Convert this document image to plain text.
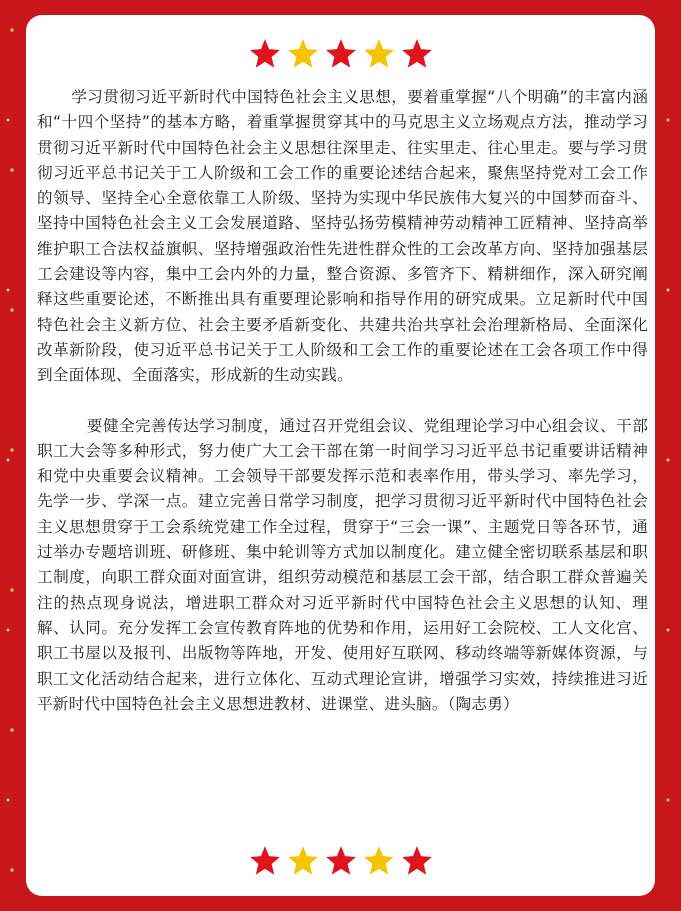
学习贯彻习近平新时代中国特色社会主义思想，要着重掌握“八个明确”的丰富内涵和“十四个坚持”的基本方略，着重掌握贯穿其中的马克思主义立场观点方法，推动学习贯彻习近平新时代中国特色社会主义思想往深里走、往实里走、往心里走。要与学习贯彻习近平总书记关于工人阶级和工会工作的重要论述结合起来，聚焦坚持党对工会工作的领导、坚持全心全意依靠工人阶级、坚持为实现中华民族伟大复兴的中国梦而奋斗、坚持中国特色社会主义工会发展道路、坚持弘扬劳模精神劳动精神工匠精神、坚持高举维护职工合法权益旗帜、坚持增强政治性先进性群众性的工会改革方向、坚持加强基层工会建设等内容，集中工会内外的力量，整合资源、多管齐下、精耕细作，深入研究阐释这些重要论述，不断推出具有重要理论影响和指导作用的研究成果。立足新时代中国特色社会主义新方位、社会主要矛盾新变化、共建共治共享社会治理新格局、全面深化改革新阶段，使习近平总书记关于工人阶级和工会工作的重要论述在工会各项工作中得到全面体现、全面落实，形成新的生动实践。

要健全完善传达学习制度，通过召开党组会议、党组理论学习中心组会议、干部职工大会等多种形式，努力使广大工会干部在第一时间学习习近平总书记重要讲话精神和党中央重要会议精神。工会领导干部要发挥示范和表率作用，带头学习、率先学习，先学一步、学深一点。建立完善日常学习制度，把学习贯彻习近平新时代中国特色社会主义思想贯穿于工会系统党建工作全过程，贯穿于“三会一课”、主题党日等各环节，通过举办专题培训班、研修班、集中轮训等方式加以制度化。建立健全密切联系基层和职工制度，向职工群众面对面宣讲，组织劳动模范和基层工会干部，结合职工群众普遍关注的热点现身说法，增进职工群众对习近平新时代中国特色社会主义思想的认知、理解、认同。充分发挥工会宣传教育阵地的优势和作用，运用好工会院校、工人文化宫、职工书屋以及报刊、出版物等阵地，开发、使用好互联网、移动终端等新媒体资源，与职工文化活动结合起来，进行立体化、互动式理论宣讲，增强学习实效，持续推进习近平新时代中国特色社会主义思想进教材、进课堂、进头脑。（陶志勇）
